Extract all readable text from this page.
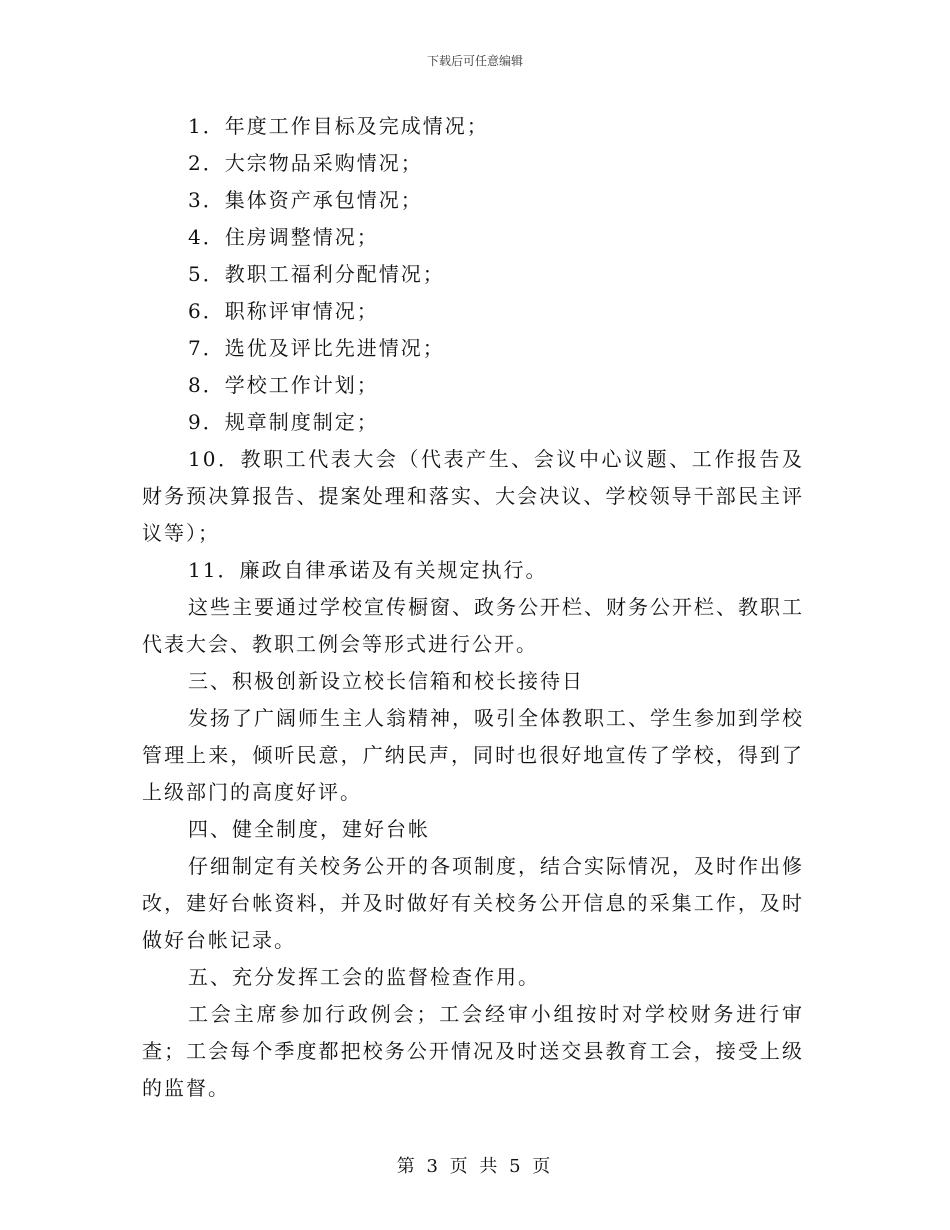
下载后可任意编辑

1．年度工作目标及完成情况；

2．大宗物品采购情况；

3．集体资产承包情况；

4．住房调整情况；

5．教职工福利分配情况；

6．职称评审情况；

7．选优及评比先进情况；

8．学校工作计划；

9．规章制度制定；

10．教职工代表大会（代表产生、会议中心议题、工作报告及财务预决算报告、提案处理和落实、大会决议、学校领导干部民主评议等）；

11．廉政自律承诺及有关规定执行。

这些主要通过学校宣传橱窗、政务公开栏、财务公开栏、教职工代表大会、教职工例会等形式进行公开。

三、积极创新设立校长信箱和校长接待日

发扬了广阔师生主人翁精神，吸引全体教职工、学生参加到学校管理上来，倾听民意，广纳民声，同时也很好地宣传了学校，得到了上级部门的高度好评。

四、健全制度，建好台帐

仔细制定有关校务公开的各项制度，结合实际情况，及时作出修改，建好台帐资料，并及时做好有关校务公开信息的采集工作，及时做好台帐记录。

五、充分发挥工会的监督检查作用。

工会主席参加行政例会；工会经审小组按时对学校财务进行审查；工会每个季度都把校务公开情况及时送交县教育工会，接受上级的监督。

第 3 页 共 5 页
